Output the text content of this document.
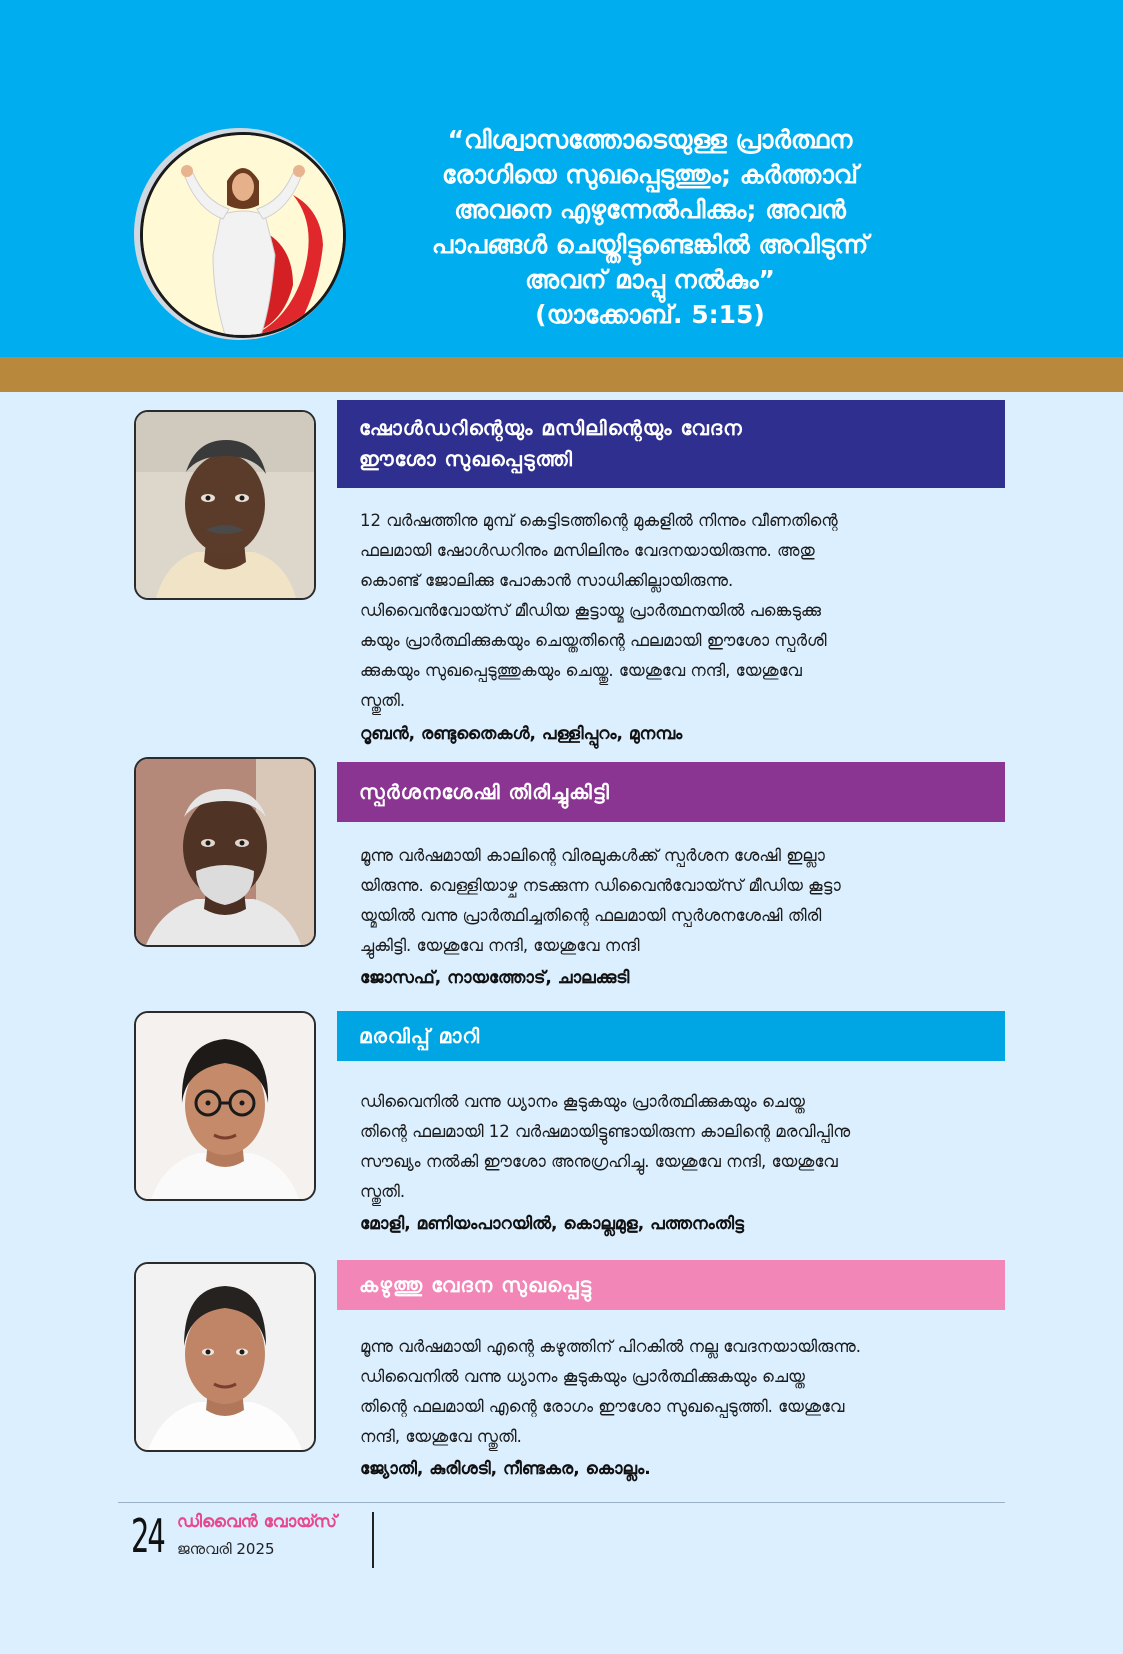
“വിശ്വാസത്തോടെയുള്ള പ്രാർത്ഥന
രോഗിയെ സുഖപ്പെടുത്തും; കർത്താവ്
അവനെ എഴുന്നേൽപിക്കും; അവൻ
പാപങ്ങൾ ചെയ്തിട്ടുണ്ടെങ്കിൽ അവിടുന്ന്
അവന് മാപ്പു നൽകും”
(യാക്കോബ്. 5:15)
ഷോൾഡറിന്റെയും മസിലിന്റെയും വേദന
ഈശോ സുഖപ്പെടുത്തി
12 വർഷത്തിനു മുമ്പ് കെട്ടിടത്തിന്റെ മുകളിൽ നിന്നും വീണതിന്റെ
ഫലമായി ഷോൾഡറിനും മസിലിനും വേദനയായിരുന്നു. അതു
കൊണ്ട് ജോലിക്കു പോകാൻ സാധിക്കില്ലായിരുന്നു.
ഡിവൈൻവോയ്സ് മീഡിയ കൂട്ടായ്മ പ്രാർത്ഥനയിൽ പങ്കെടുക്കു
കയും പ്രാർത്ഥിക്കുകയും ചെയ്തതിന്റെ ഫലമായി ഈശോ സ്പർശി
ക്കുകയും സുഖപ്പെടുത്തുകയും ചെയ്തു. യേശുവേ നന്ദി, യേശുവേ
സ്തുതി.
റൂബൻ, രണ്ടുതൈകൾ, പള്ളിപ്പുറം, മുനമ്പം
സ്പർശനശേഷി തിരിച്ചുകിട്ടി
മൂന്നു വർഷമായി കാലിന്റെ വിരലുകൾക്ക് സ്പർശന ശേഷി ഇല്ലാ
യിരുന്നു. വെള്ളിയാഴ്ച നടക്കുന്ന ഡിവൈൻവോയ്സ് മീഡിയ കൂട്ടാ
യ്മയിൽ വന്നു പ്രാർത്ഥിച്ചതിന്റെ ഫലമായി സ്പർശനശേഷി തിരി
ച്ചുകിട്ടി. യേശുവേ നന്ദി, യേശുവേ നന്ദി
ജോസഫ്, നായത്തോട്, ചാലക്കുടി
മരവിപ്പ് മാറി
ഡിവൈനിൽ വന്നു ധ്യാനം കൂടുകയും പ്രാർത്ഥിക്കുകയും ചെയ്ത
തിന്റെ ഫലമായി 12 വർഷമായിട്ടുണ്ടായിരുന്ന കാലിന്റെ മരവിപ്പിനു
സൗഖ്യം നൽകി ഈശോ അനുഗ്രഹിച്ചു. യേശുവേ നന്ദി, യേശുവേ
സ്തുതി.
മോളി, മണിയംപാറയിൽ, കൊല്ലമുള, പത്തനംതിട്ട
കഴുത്തു വേദന സുഖപ്പെട്ടു
മൂന്നു വർഷമായി എന്റെ കഴുത്തിന് പിറകിൽ നല്ല വേദനയായിരുന്നു.
ഡിവൈനിൽ വന്നു ധ്യാനം കൂടുകയും പ്രാർത്ഥിക്കുകയും ചെയ്ത
തിന്റെ ഫലമായി എന്റെ രോഗം ഈശോ സുഖപ്പെടുത്തി. യേശുവേ
നന്ദി, യേശുവേ സ്തുതി.
ജ്യോതി, കുരിശടി, നീണ്ടകര, കൊല്ലം.
24 ഡിവൈൻ വോയ്സ്
ജനുവരി 2025
